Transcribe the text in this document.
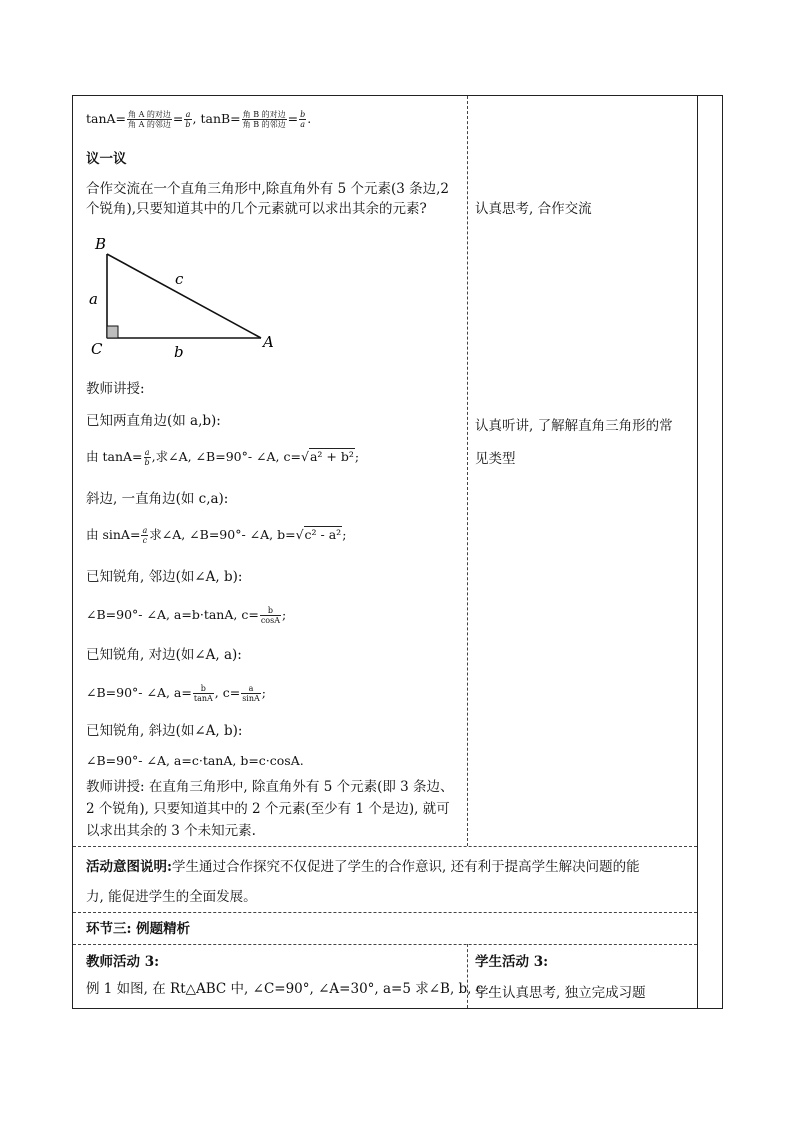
$\tan A= \frac{\text{角 A 的对边}}{\text{角 A 的邻边}} = \frac{a}{b}$ , $\tan B= \frac{\text{角 B 的对边}}{\text{角 B 的邻边}} = \frac{b}{a}$ .
议一议
合作交流在一个直角三角形中,除直角外有 5 个元素(3 条边,2
个锐角),只要知道其中的几个元素就可以求出其余的元素?	认真思考, 合作交流
B
C	A
a
b
c
教师讲授:
已知两直角边(如 a,b):
由 $\tan A= \frac{a}{b}$ ,求∠A, ∠B=90°- ∠A, c=√a² + b²;
斜边, 一直角边(如 c,a):
由 $\sin A= \frac{a}{c}$ 求∠A, ∠B=90°- ∠A, b=√c² - a²;
已知锐角, 邻边(如∠A, b):
∠B=90°- ∠A, a=b·tanA, $c= \frac{b}{\cos A}$ ;
已知锐角, 对边(如∠A, a):
∠B=90°- ∠A, $a= \frac{b}{\tan A}$ , $c= \frac{a}{\sin A}$ ;
已知锐角, 斜边(如∠A, b):
∠B=90°- ∠A, a=c·tanA, b=c·cosA.
教师讲授: 在直角三角形中, 除直角外有 5 个元素(即 3 条边、
2 个锐角), 只要知道其中的 2 个元素(至少有 1 个是边), 就可
以求出其余的 3 个未知元素.
认真听讲, 了解解直角三角形的常
见类型
活动意图说明:学生通过合作探究不仅促进了学生的合作意识, 还有利于提高学生解决问题的能
力, 能促进学生的全面发展。
环节三: 例题精析
教师活动 3:
例 1 如图, 在 Rt△ABC 中, ∠C=90°, ∠A=30°, a=5 求∠B, b, c .
学生活动 3:
学生认真思考, 独立完成习题
